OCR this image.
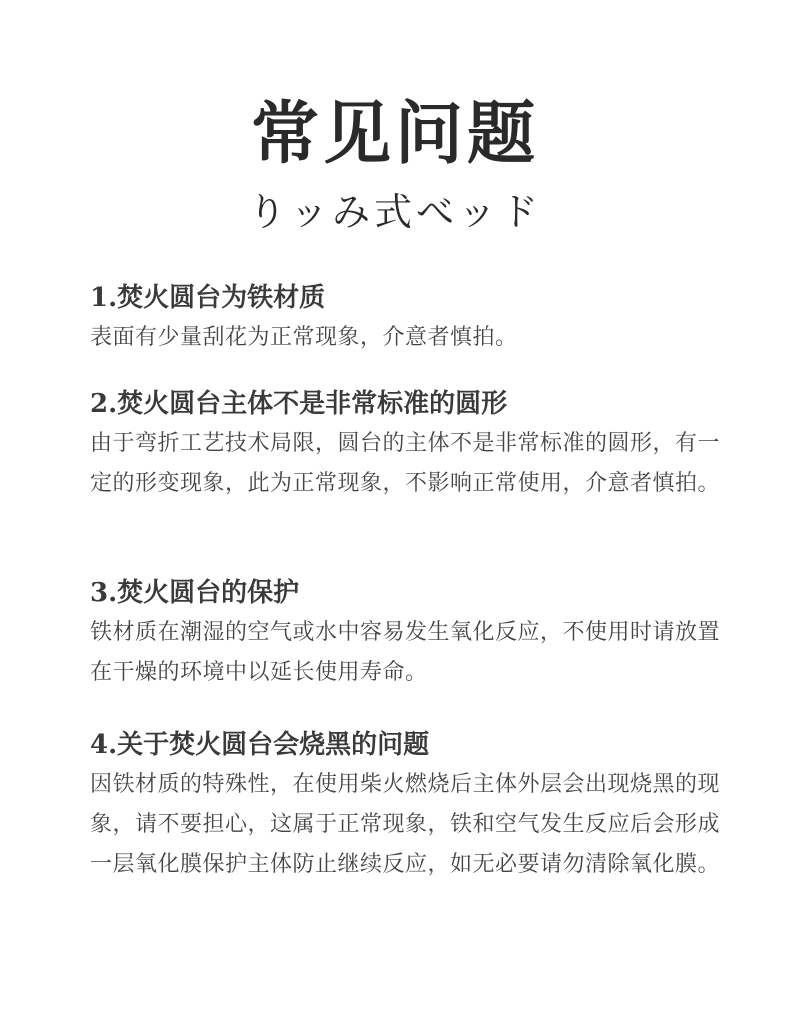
常见问题
りッみ式べッド
1.焚火圆台为铁材质

表面有少量刮花为正常现象，介意者慎拍。

2.焚火圆台主体不是非常标准的圆形

由于弯折工艺技术局限，圆台的主体不是非常标准的圆形，有一定的形变现象，此为正常现象，不影响正常使用，介意者慎拍。

3.焚火圆台的保护

铁材质在潮湿的空气或水中容易发生氧化反应，不使用时请放置在干燥的环境中以延长使用寿命。

4.关于焚火圆台会烧黑的问题

因铁材质的特殊性，在使用柴火燃烧后主体外层会出现烧黑的现象，请不要担心，这属于正常现象，铁和空气发生反应后会形成一层氧化膜保护主体防止继续反应，如无必要请勿清除氧化膜。
